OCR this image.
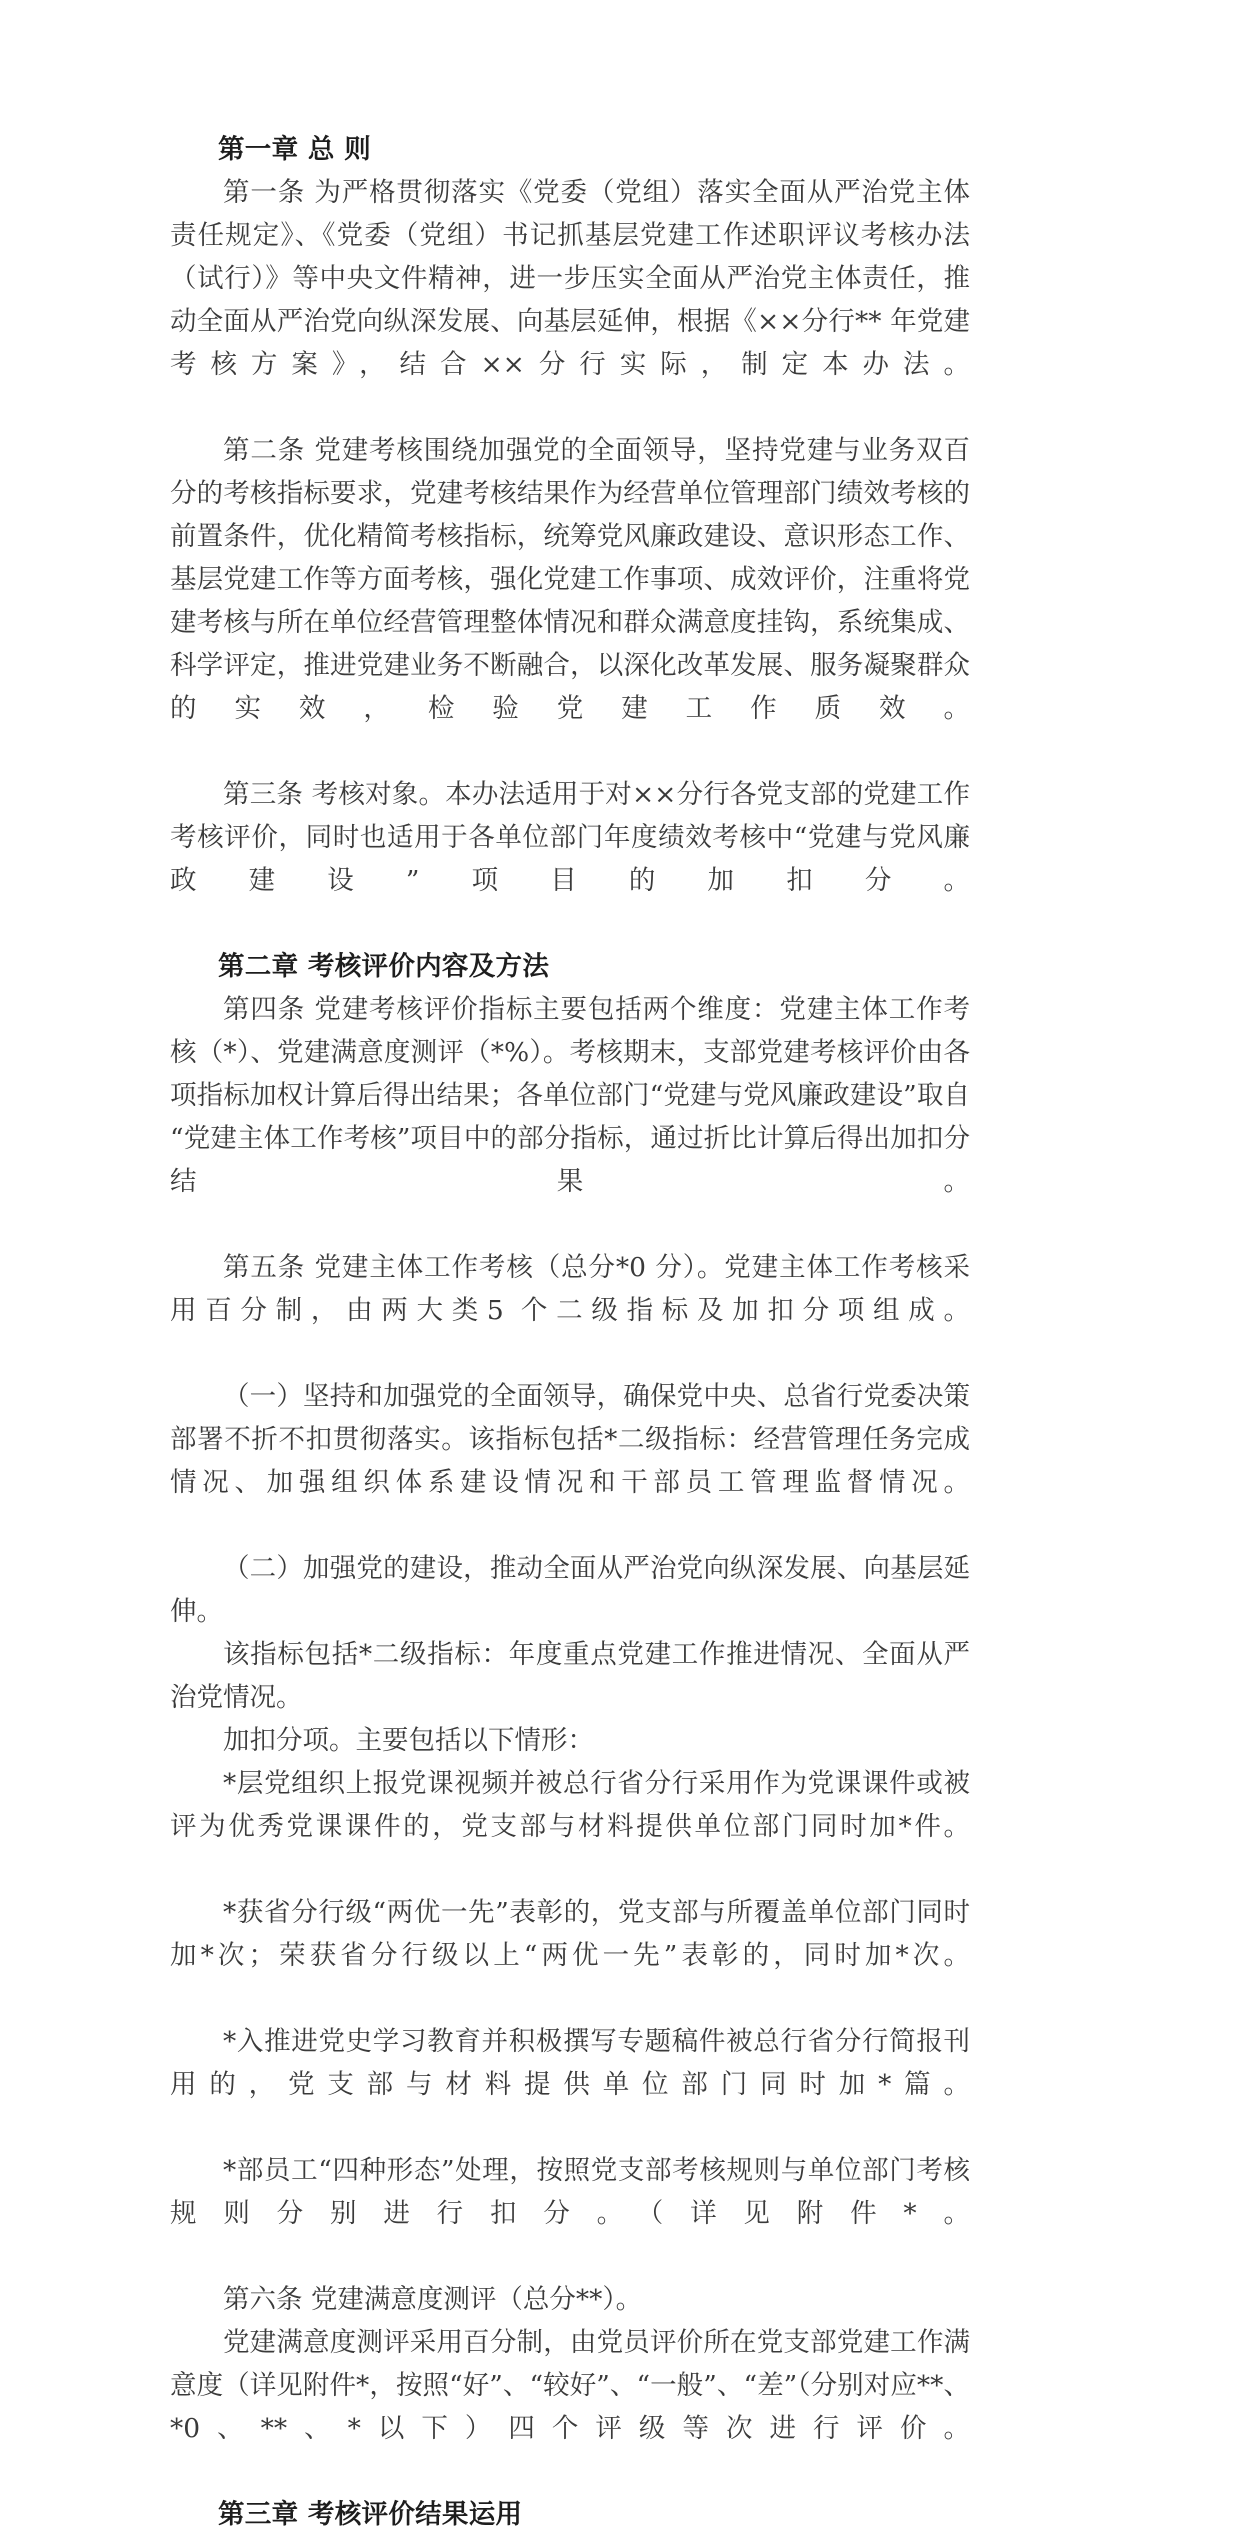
第一章 总 则

第一条 为严格贯彻落实《党委（党组）落实全面从严治党主体责任规定》、《党委（党组）书记抓基层党建工作述职评议考核办法（试行）》等中央文件精神，进一步压实全面从严治党主体责任，推动全面从严治党向纵深发展、向基层延伸，根据《××分行** 年党建考核方案》，结合××分行实际，制定本办法。

第二条 党建考核围绕加强党的全面领导，坚持党建与业务双百分的考核指标要求，党建考核结果作为经营单位管理部门绩效考核的前置条件，优化精简考核指标，统筹党风廉政建设、意识形态工作、基层党建工作等方面考核，强化党建工作事项、成效评价，注重将党建考核与所在单位经营管理整体情况和群众满意度挂钩，系统集成、科学评定，推进党建业务不断融合，以深化改革发展、服务凝聚群众的实效，检验党建工作质效。

第三条 考核对象。本办法适用于对××分行各党支部的党建工作考核评价，同时也适用于各单位部门年度绩效考核中“党建与党风廉政建设”项目的加扣分。

第二章 考核评价内容及方法

第四条 党建考核评价指标主要包括两个维度：党建主体工作考核（*）、党建满意度测评（*%）。考核期末，支部党建考核评价由各项指标加权计算后得出结果；各单位部门“党建与党风廉政建设”取自“党建主体工作考核”项目中的部分指标，通过折比计算后得出加扣分结果。

第五条 党建主体工作考核（总分*0 分）。党建主体工作考核采用百分制，由两大类5 个二级指标及加扣分项组成。

（一）坚持和加强党的全面领导，确保党中央、总省行党委决策部署不折不扣贯彻落实。该指标包括*二级指标：经营管理任务完成情况、加强组织体系建设情况和干部员工管理监督情况。

（二）加强党的建设，推动全面从严治党向纵深发展、向基层延伸。

该指标包括*二级指标：年度重点党建工作推进情况、全面从严治党情况。

加扣分项。主要包括以下情形：

*层党组织上报党课视频并被总行省分行采用作为党课课件或被评为优秀党课课件的，党支部与材料提供单位部门同时加*件。

*获省分行级“两优一先”表彰的，党支部与所覆盖单位部门同时加*次；荣获省分行级以上“两优一先”表彰的，同时加*次。

*入推进党史学习教育并积极撰写专题稿件被总行省分行简报刊用的，党支部与材料提供单位部门同时加*篇。

*部员工“四种形态”处理，按照党支部考核规则与单位部门考核规则分别进行扣分。（详见附件*。

第六条 党建满意度测评（总分**）。

党建满意度测评采用百分制，由党员评价所在党支部党建工作满意度（详见附件*，按照“好”、“较好”、“一般”、“差”（分别对应**、*0、**、*以下）四个评级等次进行评价。

第三章 考核评价结果运用
